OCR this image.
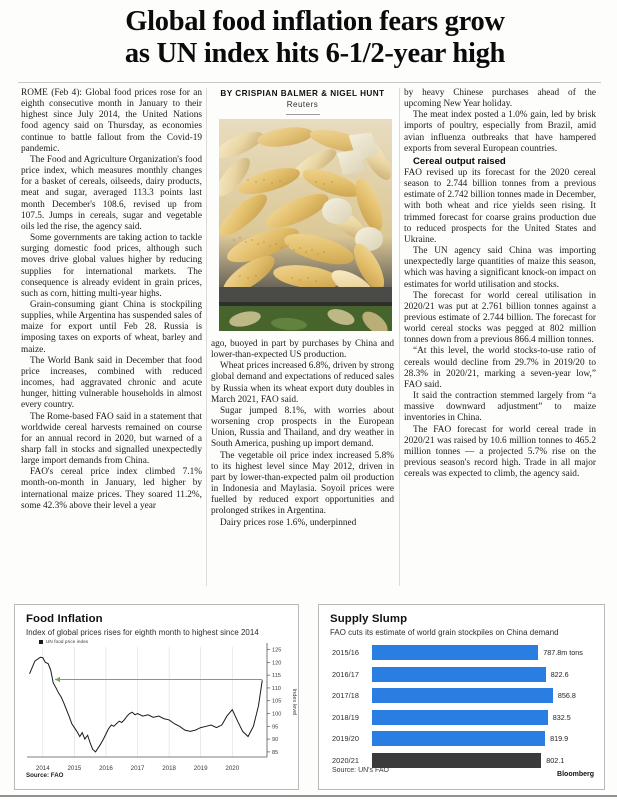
Global food inflation fears grow
as UN index hits 6-1/2-year high

ROME (Feb 4): Global food prices rose for an eighth consecutive month in January to their highest since July 2014, the United Nations food agency said on Thursday, as economies continue to battle fallout from the Covid-19 pandemic.

The Food and Agriculture Organization's food price index, which measures monthly changes for a basket of cereals, oilseeds, dairy products, meat and sugar, averaged 113.3 points last month December's 108.6, revised up from 107.5. Jumps in cereals, sugar and vegetable oils led the rise, the agency said.

Some governments are taking action to tackle surging domestic food prices, although such moves drive global values higher by reducing supplies for international markets. The consequence is already evident in grain prices, such as corn, hitting multi-year highs.

Grain-consuming giant China is stockpiling supplies, while Argentina has suspended sales of maize for export until Feb 28. Russia is imposing taxes on exports of wheat, barley and maize.

The World Bank said in December that food price increases, combined with reduced incomes, had aggravated chronic and acute hunger, hitting vulnerable households in almost every country.

The Rome-based FAO said in a statement that worldwide cereal harvests remained on course for an annual record in 2020, but warned of a sharp fall in stocks and signalled unexpectedly large import demands from China.

FAO's cereal price index climbed 7.1% month-on-month in January, led higher by international maize prices. They soared 11.2%, some 42.3% above their level a year

BY CRISPIAN BALMER & NIGEL HUNT
Reuters

ago, buoyed in part by purchases by China and lower-than-expected US production.

Wheat prices increased 6.8%, driven by strong global demand and expectations of reduced sales by Russia when its wheat export duty doubles in March 2021, FAO said.

Sugar jumped 8.1%, with worries about worsening crop prospects in the European Union, Russia and Thailand, and dry weather in South America, pushing up import demand.

The vegetable oil price index increased 5.8% to its highest level since May 2012, driven in part by lower-than-expected palm oil production in Indonesia and Maylasia. Soyoil prices were fuelled by reduced export opportunities and prolonged strikes in Argentina.

Dairy prices rose 1.6%, underpinned

by heavy Chinese purchases ahead of the upcoming New Year holiday.

The meat index posted a 1.0% gain, led by brisk imports of poultry, especially from Brazil, amid avian influenza outbreaks that have hampered exports from several European countries.

Cereal output raised

FAO revised up its forecast for the 2020 cereal season to 2.744 billion tonnes from a previous estimate of 2.742 billion tonnes made in December, with both wheat and rice yields seen rising. It trimmed forecast for coarse grains production due to reduced prospects for the United States and Ukraine.

The UN agency said China was importing unexpectedly large quantities of maize this season, which was having a significant knock-on impact on estimates for world utilisation and stocks.

The forecast for world cereal utilisation in 2020/21 was put at 2.761 billion tonnes against a previous estimate of 2.744 billion. The forecast for world cereal stocks was pegged at 802 million tonnes down from a previous 866.4 million tonnes.

“At this level, the world stocks-to-use ratio of cereals would decline from 29.7% in 2019/20 to 28.3% in 2020/21, marking a seven-year low,” FAO said.

It said the contraction stemmed largely from “a massive downward adjustment” to maize inventories in China.

The FAO forecast for world cereal trade in 2020/21 was raised by 10.6 million tonnes to 465.2 million tonnes — a projected 5.7% rise on the previous season's record high. Trade in all major cereals was expected to climb, the agency said.

Food Inflation
Index of global prices rises for eighth month to highest since 2014
UN food price index
2014	2015	2016	2017	2018	2019	2020
85
90
95
100
105
110
115
120
125
Index level
Source: FAO
Supply Slump
FAO cuts its estimate of world grain stockpiles on China demand
2015/16	787.8m tons
2016/17	822.6
2017/18	856.8
2018/19	832.5
2019/20	819.9
2020/21	802.1
Source: UN's FAO
Bloomberg
